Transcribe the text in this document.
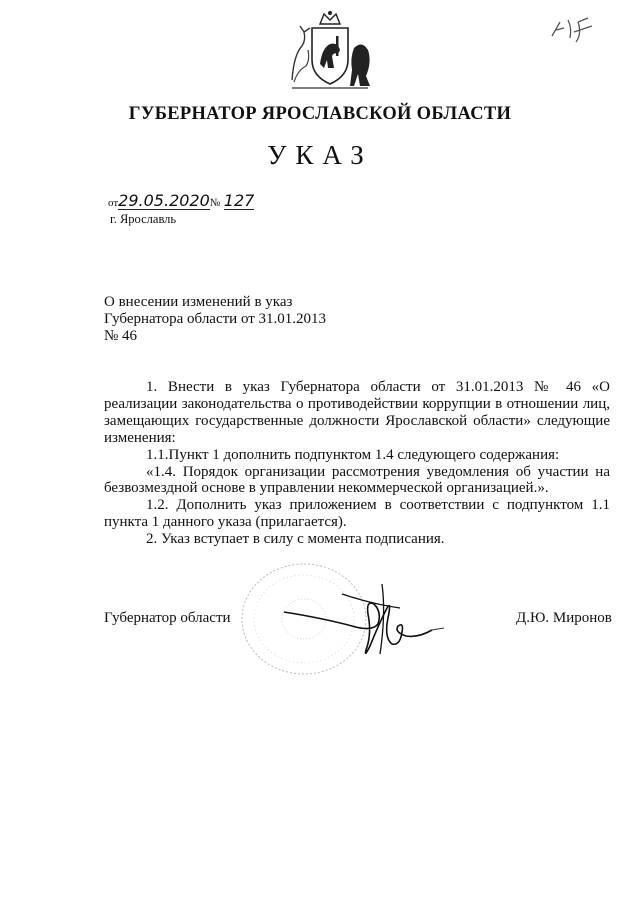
ГУБЕРНАТОР ЯРОСЛАВСКОЙ ОБЛАСТИ
УКАЗ
от29.05.2020№ 127
г. Ярославль
О внесении изменений в указ
Губернатора области от 31.01.2013
№ 46

1. Внести в указ Губернатора области от 31.01.2013 № 46 «О реализации законодательства о противодействии коррупции в отношении лиц, замещающих государственные должности Ярославской области» следующие изменения:

1.1.Пункт 1 дополнить подпунктом 1.4 следующего содержания:

«1.4. Порядок организации рассмотрения уведомления об участии на безвозмездной основе в управлении некоммерческой организацией.».

1.2. Дополнить указ приложением в соответствии с подпунктом 1.1 пункта 1 данного указа (прилагается).

2. Указ вступает в силу с момента подписания.

Губернатор области	Д.Ю. Миронов
